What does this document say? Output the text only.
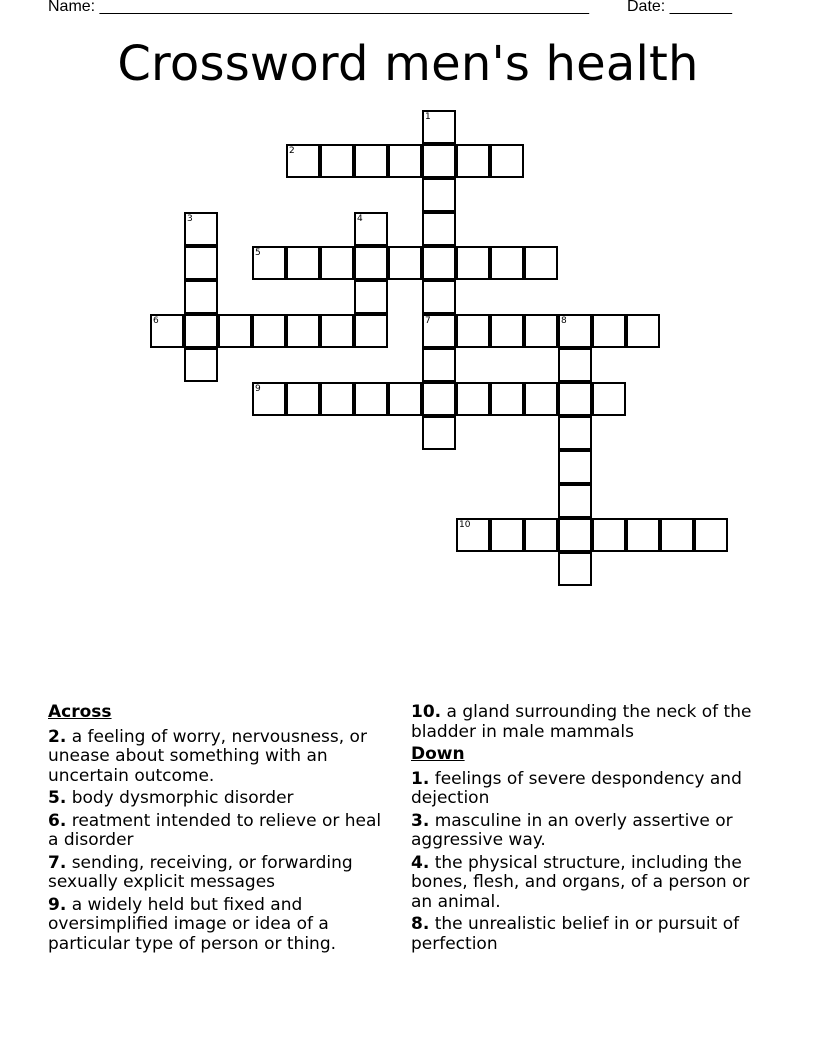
Name: _______________________________________________________ Date: _______
Crossword men's health
2
5
6	7	8
9
10
1
3	4
Across
2. a feeling of worry, nervousness, or unease about something with an uncertain outcome.
5. body dysmorphic disorder
6. reatment intended to relieve or heal a disorder
7. sending, receiving, or forwarding sexually explicit messages
9. a widely held but fixed and oversimplified image or idea of a particular type of person or thing.
10. a gland surrounding the neck of the bladder in male mammals
Down
1. feelings of severe despondency and dejection
3. masculine in an overly assertive or aggressive way.
4. the physical structure, including the bones, flesh, and organs, of a person or an animal.
8. the unrealistic belief in or pursuit of perfection
